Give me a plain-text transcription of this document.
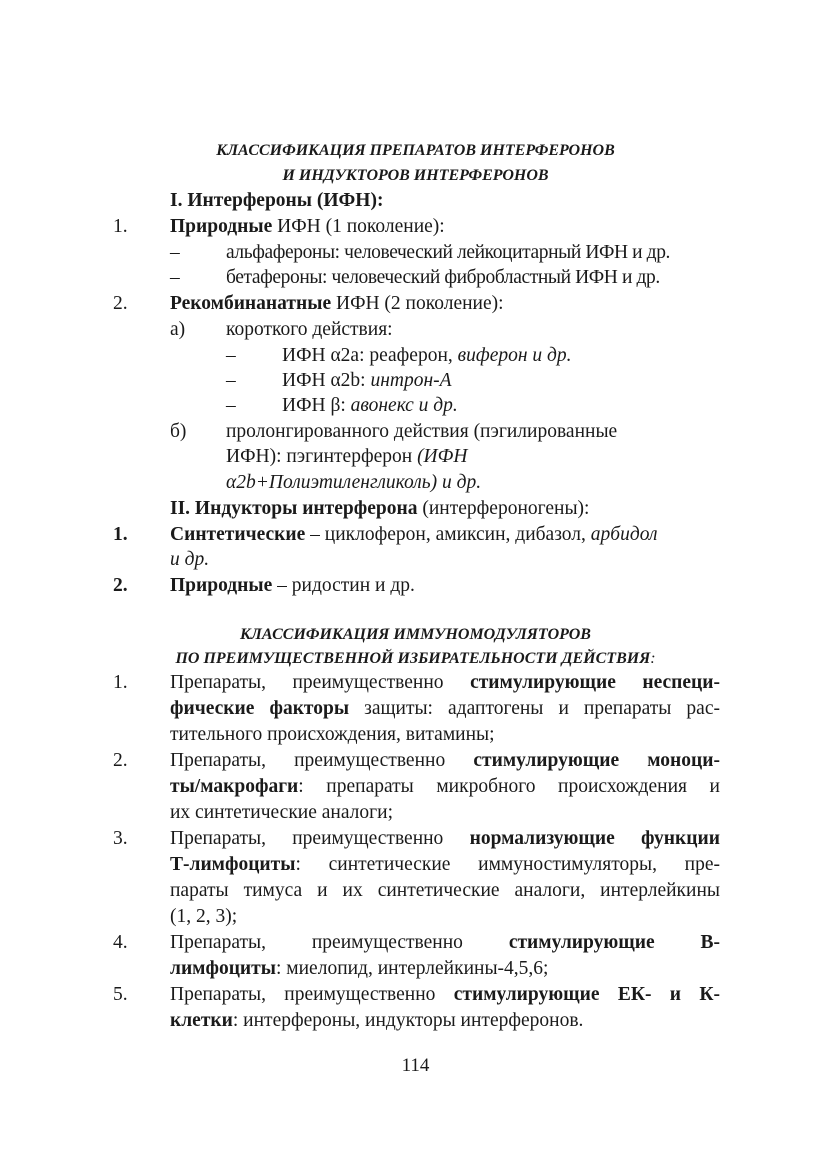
КЛАССИФИКАЦИЯ ПРЕПАРАТОВ ИНТЕРФЕРОНОВ
И ИНДУКТОРОВ ИНТЕРФЕРОНОВ
I. Интерфероны (ИФН):
1. Природные ИФН (1 поколение):
– альфафероны: человеческий лейкоцитарный ИФН и др.
– бетафероны: человеческий фибробластный ИФН и др.
2. Рекомбинанатные ИФН (2 поколение):
а) короткого действия:
– ИФН α2а: реаферон, виферон и др.
– ИФН α2b: интрон-А
– ИФН β: авонекс и др.
б) пролонгированного действия (пэгилированные
ИФН): пэгинтерферон (ИФН
α2b+Полиэтиленгликоль) и др.
II. Индукторы интерферона (интерфероногены):
1. Синтетические – циклоферон, амиксин, дибазол, арбидол
и др.
2. Природные – ридостин и др.
КЛАССИФИКАЦИЯ ИММУНОМОДУЛЯТОРОВ
ПО ПРЕИМУЩЕСТВЕННОЙ ИЗБИРАТЕЛЬНОСТИ ДЕЙСТВИЯ:
1. Препараты, преимущественно стимулирующие неспеци-
фические факторы защиты: адаптогены и препараты рас-
тительного происхождения, витамины;
2. Препараты, преимущественно стимулирующие моноци-
ты/макрофаги: препараты микробного происхождения и
их синтетические аналоги;
3. Препараты, преимущественно нормализующие функции
Т-лимфоциты: синтетические иммуностимуляторы, пре-
параты тимуса и их синтетические аналоги, интерлейкины
(1, 2, 3);
4. Препараты, преимущественно стимулирующие В-
лимфоциты: миелопид, интерлейкины-4,5,6;
5. Препараты, преимущественно стимулирующие ЕК- и К-
клетки: интерфероны, индукторы интерферонов.
114
